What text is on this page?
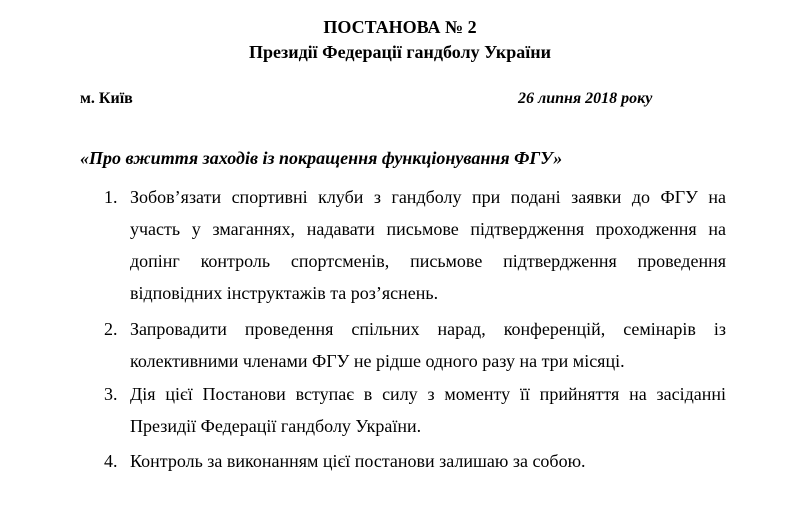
ПОСТАНОВА № 2
Президії Федерації гандболу України
м. Київ	26 липня 2018 року
«Про вжиття заходів із покращення функціонування ФГУ»
1. Зобов’язати спортивні клуби з гандболу при подані заявки до ФГУ на
участь у змаганнях, надавати письмове підтвердження проходження на
допінг контроль спортсменів, письмове підтвердження проведення
відповідних інструктажів та роз’яснень.
2. Запровадити проведення спільних нарад, конференцій, семінарів із
колективними членами ФГУ не рідше одного разу на три місяці.
3. Дія цієї Постанови вступає в силу з моменту її прийняття на засіданні
Президії Федерації гандболу України.
4. Контроль за виконанням цієї постанови залишаю за собою.
